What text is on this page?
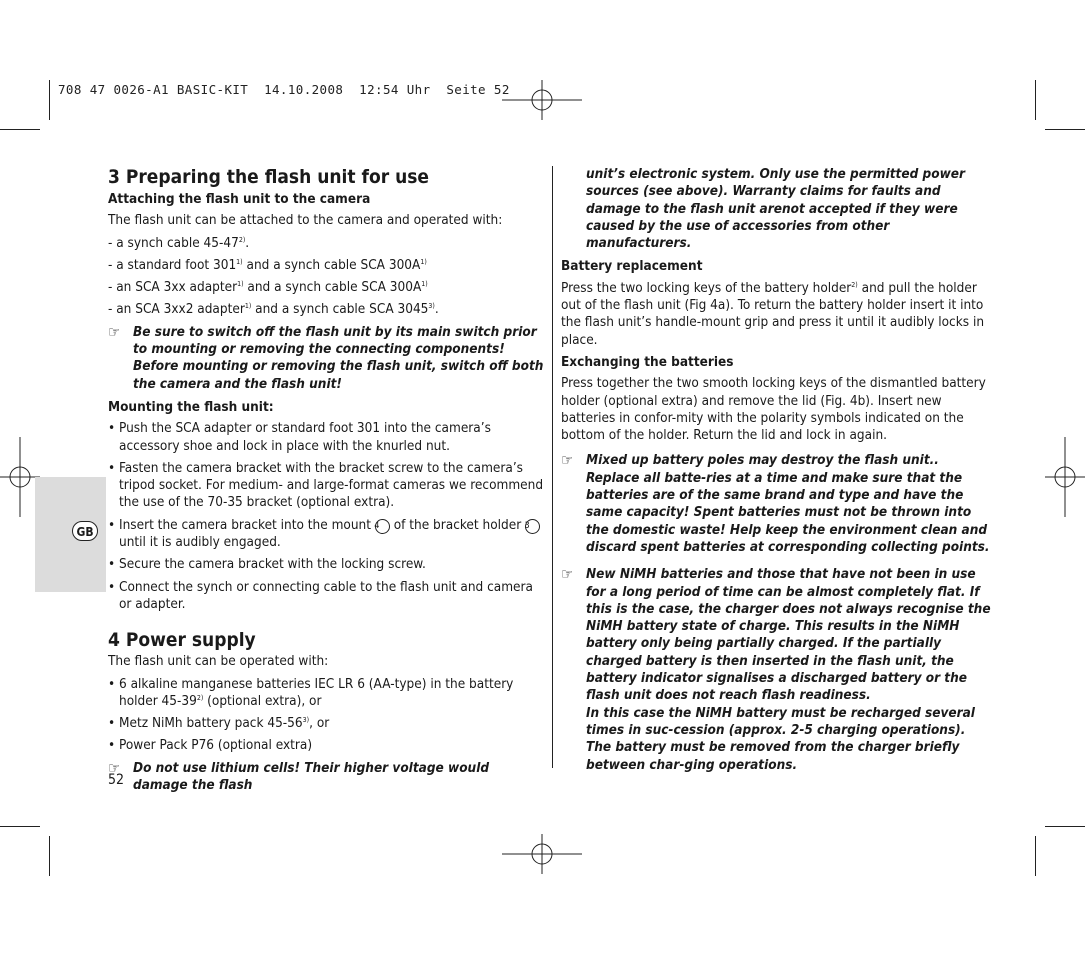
708 47 0026-A1 BASIC-KIT  14.10.2008  12:54 Uhr  Seite 52
GB
3 Preparing the flash unit for use
Attaching the flash unit to the camera

The flash unit can be attached to the camera and operated with:

- a synch cable 45-47$^{2)}$.

- a standard foot 301$^{1)}$ and a synch cable SCA $300A^{1)}$

- an SCA 3xx adapter$^{1)}$ and a synch cable SCA $300A^{1)}$

- an SCA 3xx2 adapter$^{1)}$ and a synch cable SCA 3045$^{3)}$.

☞ Be sure to switch off the flash unit by its main switch prior to mounting or removing the connecting components! Before mounting or removing the flash unit, switch off both the camera and the flash unit!
Mounting the flash unit:

• Push the SCA adapter or standard foot 301 into the camera’s accessory shoe and lock in place with the knurled nut.

• Fasten the camera bracket with the bracket screw to the camera’s tripod socket. For medium- and large-format cameras we recommend the use of the 70-35 bracket (optional extra).

• Insert the camera bracket into the mount 4 of the bracket holder 3 until it is audibly engaged.

• Secure the camera bracket with the locking screw.

• Connect the synch or connecting cable to the flash unit and camera or adapter.

4 Power supply

The flash unit can be operated with:

• 6 alkaline manganese batteries IEC LR 6 (AA-type) in the battery holder 45-39$^{2)}$ (optional extra), or

• Metz NiMh battery pack 45-56$^{3)}$, or

• Power Pack P76 (optional extra)

☞ Do not use lithium cells! Their higher voltage would damage the flash
52
unit’s electronic system. Only use the permitted power sources (see above). Warranty claims for faults and damage to the flash unit arenot accepted if they were caused by the use of accessories from other manufacturers.
Battery replacement

Press the two locking keys of the battery holder$^{2)}$ and pull the holder out of the flash unit (Fig 4a). To return the battery holder insert it into the flash unit’s handle-mount grip and press it until it audibly locks in place.

Exchanging the batteries

Press together the two smooth locking keys of the dismantled battery holder (optional extra) and remove the lid (Fig. 4b). Insert new batteries in confor-mity with the polarity symbols indicated on the bottom of the holder. Return the lid and lock in again.

☞ Mixed up battery poles may destroy the flash unit.. Replace all batte-ries at a time and make sure that the batteries are of the same brand and type and have the same capacity! Spent batteries must not be thrown into the domestic waste! Help keep the environment clean and discard spent batteries at corresponding collecting points.
☞ New NiMH batteries and those that have not been in use for a long period of time can be almost completely flat. If this is the case, the charger does not always recognise the NiMH battery state of charge. This results in the NiMH battery only being partially charged. If the partially charged battery is then inserted in the flash unit, the battery indicator signalises a discharged battery or the flash unit does not reach flash readiness.
In this case the NiMH battery must be recharged several times in suc-cession (approx. 2-5 charging operations).
The battery must be removed from the charger briefly between char-ging operations.
